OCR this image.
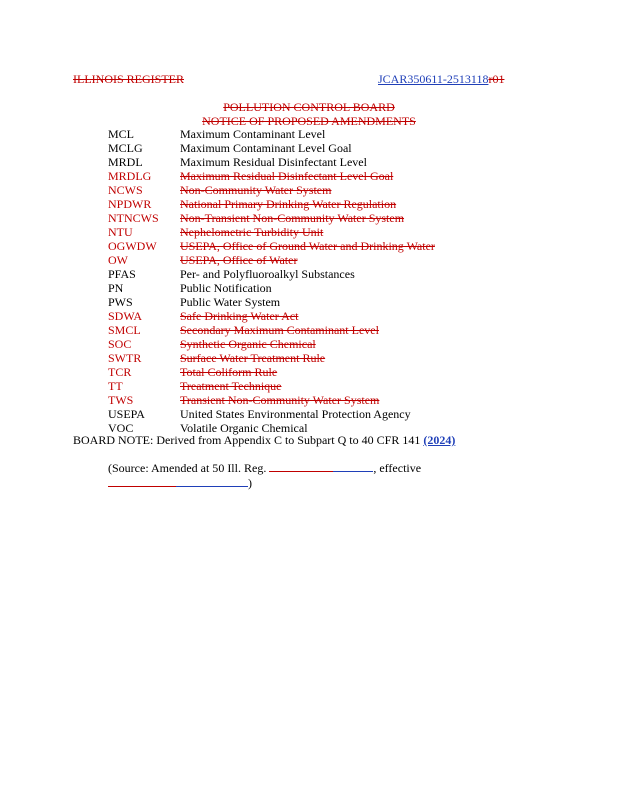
ILLINOIS REGISTER	JCAR350611-2513118r01
POLLUTION CONTROL BOARD
NOTICE OF PROPOSED AMENDMENTS
MCL	Maximum Contaminant Level
MCLG	Maximum Contaminant Level Goal
MRDL	Maximum Residual Disinfectant Level
MRDLG Maximum Residual Disinfectant Level Goal
NCWS	Non-Community Water System
NPDWR National Primary Drinking Water Regulation
NTNCWS Non-Transient Non-Community Water System
NTU	Nephelometric Turbidity Unit
OGWDW USEPA, Office of Ground Water and Drinking Water
OW	USEPA, Office of Water
PFAS	Per- and Polyfluoroalkyl Substances
PN	Public Notification
PWS	Public Water System
SDWA	Safe Drinking Water Act
SMCL	Secondary Maximum Contaminant Level
SOC	Synthetic Organic Chemical
SWTR	Surface Water Treatment Rule
TCR	Total Coliform Rule
TT	Treatment Technique
TWS	Transient Non-Community Water System
USEPA	United States Environmental Protection Agency
VOC	Volatile Organic Chemical
BOARD NOTE: Derived from Appendix C to Subpart Q to 40 CFR 141 (2024)
(Source: Amended at 50 Ill. Reg.	, effective
)
